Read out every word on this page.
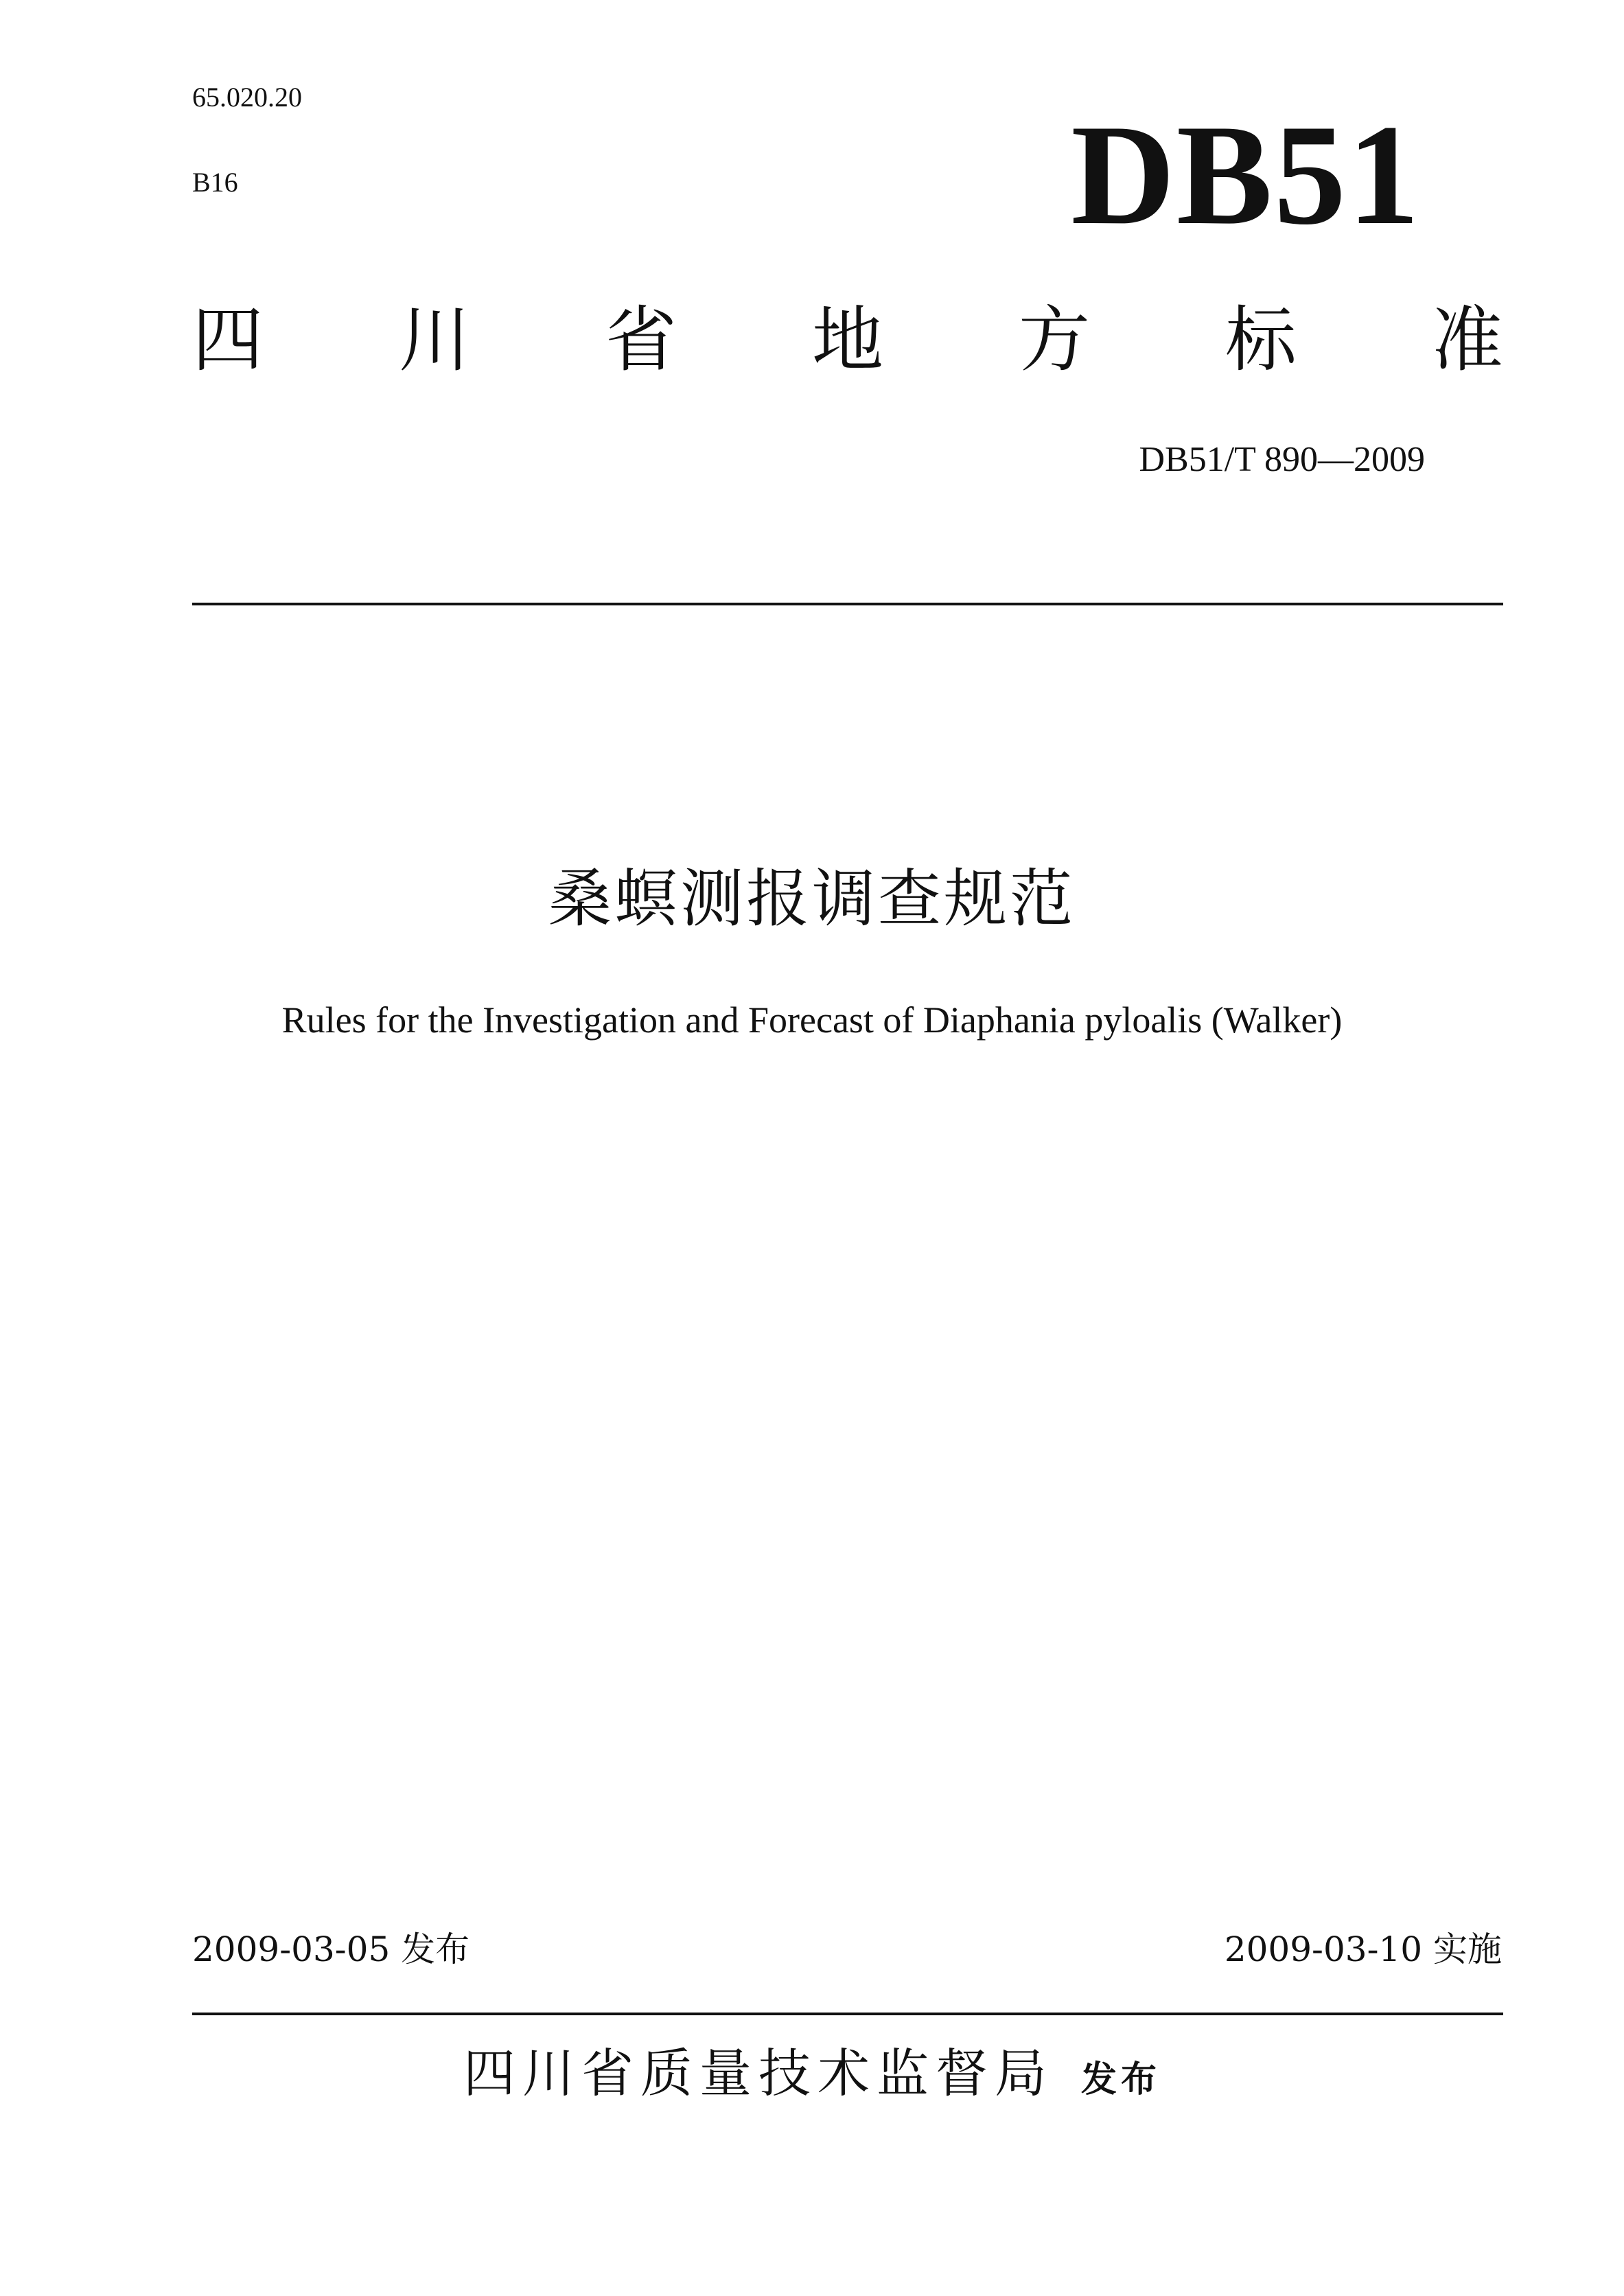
65.020.20
B16	DB51
四 川 省 地 方 标 准
DB51/T 890—2009
桑螟测报调查规范
Rules for the Investigation and Forecast of Diaphania pyloalis (Walker)
2009-03-05 发布	2009-03-10 实施
四川省质量技术监督局 发布
